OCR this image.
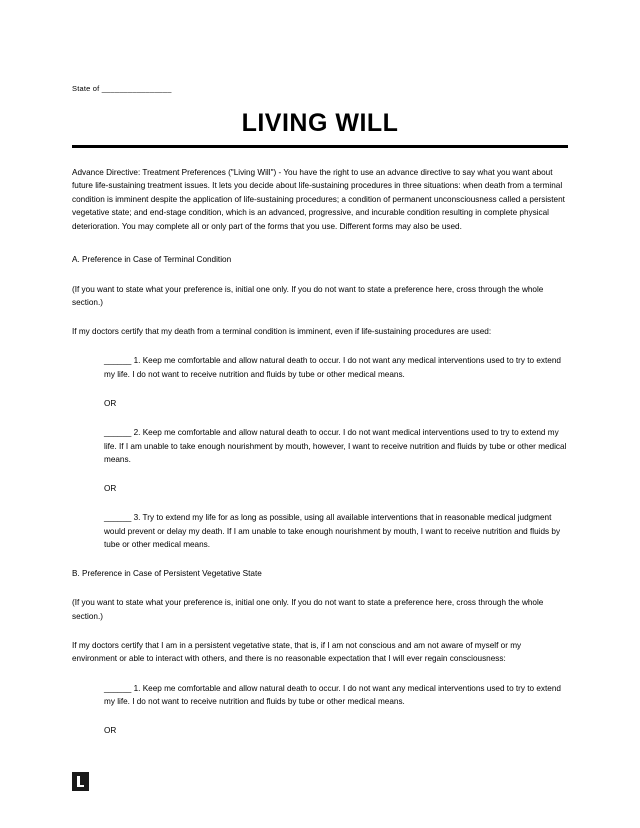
State of ________________
LIVING WILL

Advance Directive: Treatment Preferences ("Living Will") - You have the right to use an advance directive to say what you want about future life-sustaining treatment issues. It lets you decide about life-sustaining procedures in three situations: when death from a terminal condition is imminent despite the application of life-sustaining procedures; a condition of permanent unconsciousness called a persistent vegetative state; and end-stage condition, which is an advanced, progressive, and incurable condition resulting in complete physical deterioration. You may complete all or only part of the forms that you use. Different forms may also be used.

A. Preference in Case of Terminal Condition

(If you want to state what your preference is, initial one only. If you do not want to state a preference here, cross through the whole section.)

If my doctors certify that my death from a terminal condition is imminent, even if life-sustaining procedures are used:

______ 1. Keep me comfortable and allow natural death to occur. I do not want any medical interventions used to try to extend my life. I do not want to receive nutrition and fluids by tube or other medical means.

OR

______ 2. Keep me comfortable and allow natural death to occur. I do not want medical interventions used to try to extend my life. If I am unable to take enough nourishment by mouth, however, I want to receive nutrition and fluids by tube or other medical means.

OR

______ 3. Try to extend my life for as long as possible, using all available interventions that in reasonable medical judgment would prevent or delay my death. If I am unable to take enough nourishment by mouth, I want to receive nutrition and fluids by tube or other medical means.

B. Preference in Case of Persistent Vegetative State

(If you want to state what your preference is, initial one only. If you do not want to state a preference here, cross through the whole section.)

If my doctors certify that I am in a persistent vegetative state, that is, if I am not conscious and am not aware of myself or my environment or able to interact with others, and there is no reasonable expectation that I will ever regain consciousness:

______ 1. Keep me comfortable and allow natural death to occur. I do not want any medical interventions used to try to extend my life. I do not want to receive nutrition and fluids by tube or other medical means.

OR
